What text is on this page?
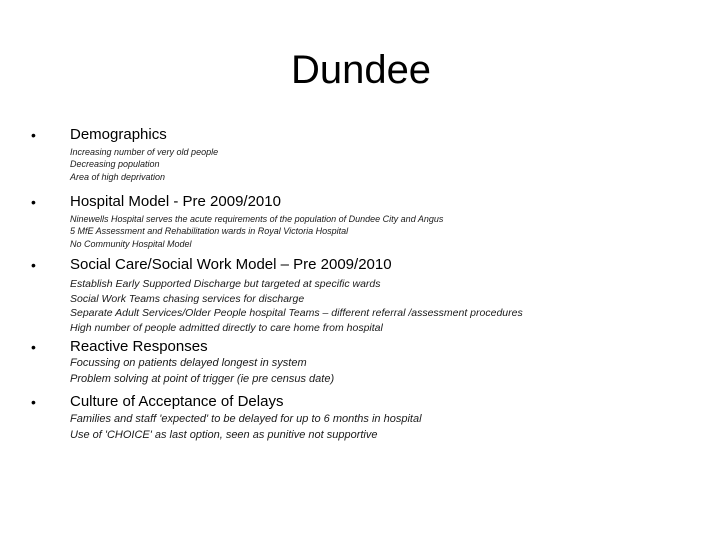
Dundee
• Demographics
Increasing number of very old people
Decreasing population
Area of high deprivation
• Hospital Model - Pre 2009/2010
Ninewells Hospital serves the acute requirements of the population of Dundee City and Angus
5 MfE Assessment and Rehabilitation wards in Royal Victoria Hospital
No Community Hospital Model
• Social Care/Social Work Model – Pre 2009/2010
Establish Early Supported Discharge but targeted at specific wards
Social Work Teams chasing services for discharge
Separate Adult Services/Older People hospital Teams – different referral /assessment procedures
High number of people admitted directly to care home from hospital
• Reactive Responses
Focussing on patients delayed longest in system
Problem solving at point of trigger (ie pre census date)
• Culture of Acceptance of Delays
Families and staff 'expected' to be delayed for up to 6 months in hospital
Use of 'CHOICE' as last option, seen as punitive not supportive
